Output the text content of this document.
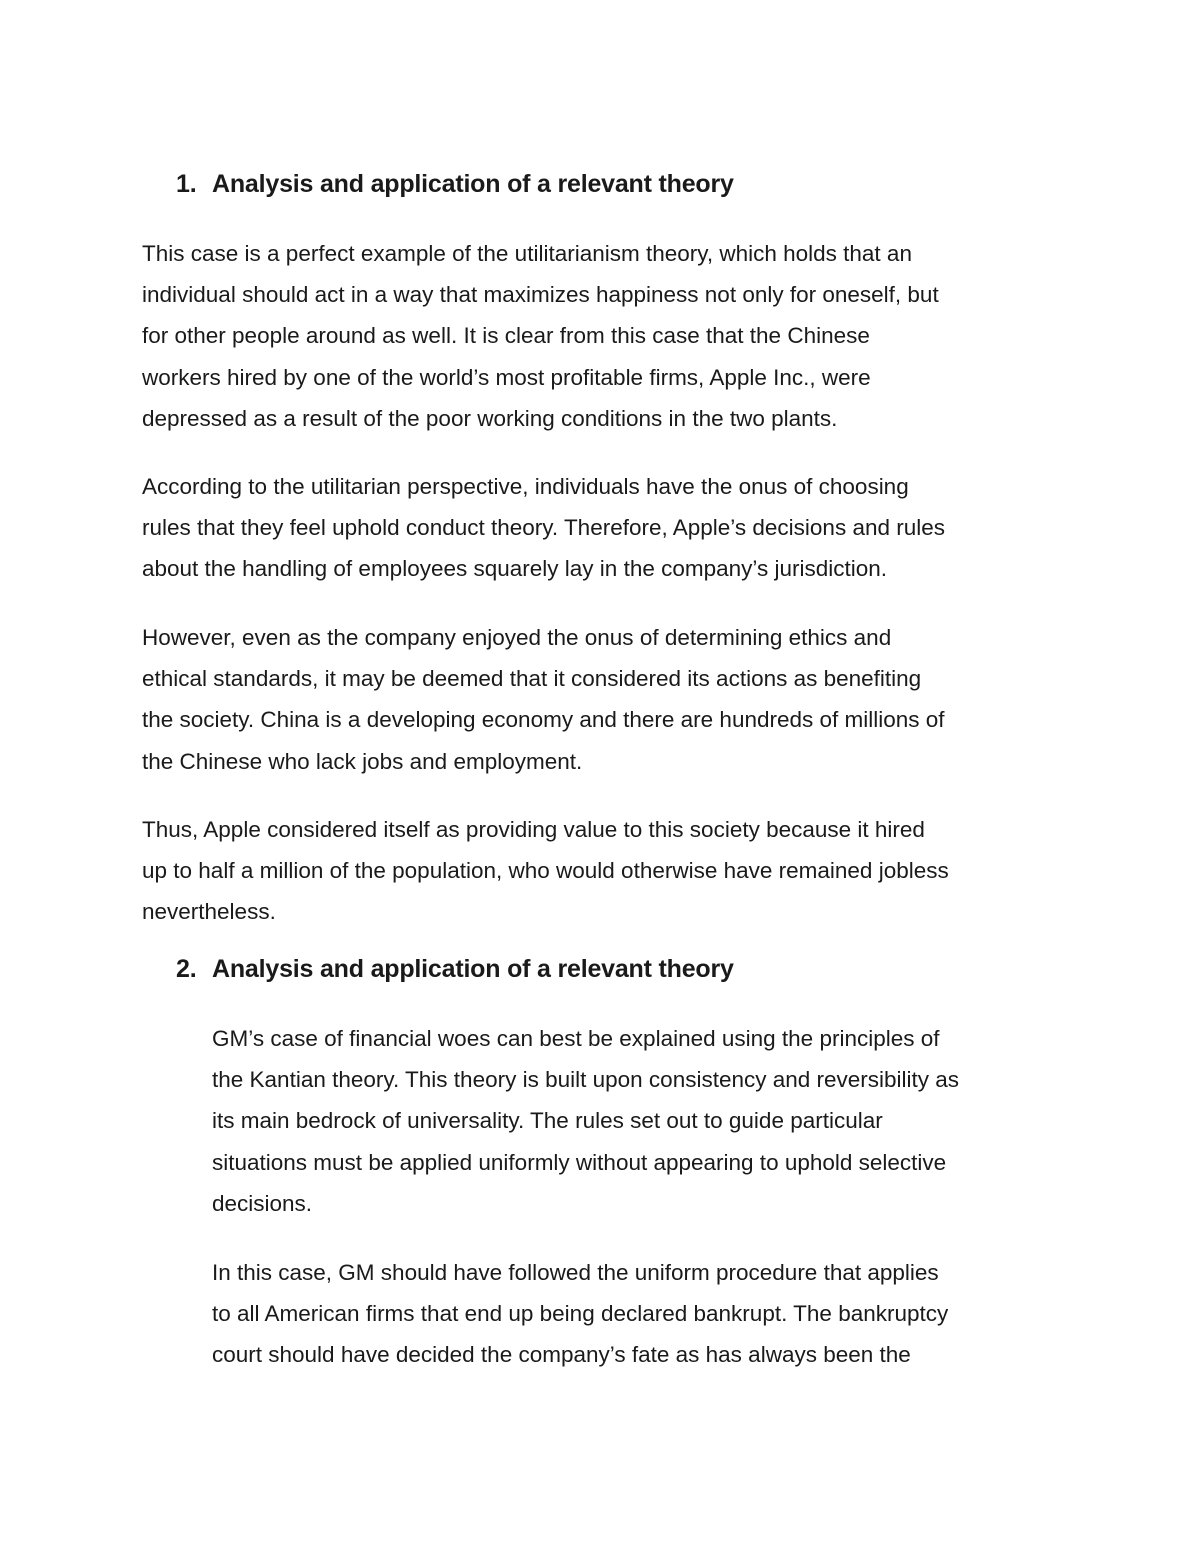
1. Analysis and application of a relevant theory
This case is a perfect example of the utilitarianism theory, which holds that an
individual should act in a way that maximizes happiness not only for oneself, but
for other people around as well. It is clear from this case that the Chinese
workers hired by one of the world’s most profitable firms, Apple Inc., were
depressed as a result of the poor working conditions in the two plants.
According to the utilitarian perspective, individuals have the onus of choosing
rules that they feel uphold conduct theory. Therefore, Apple’s decisions and rules
about the handling of employees squarely lay in the company’s jurisdiction.
However, even as the company enjoyed the onus of determining ethics and
ethical standards, it may be deemed that it considered its actions as benefiting
the society. China is a developing economy and there are hundreds of millions of
the Chinese who lack jobs and employment.
Thus, Apple considered itself as providing value to this society because it hired
up to half a million of the population, who would otherwise have remained jobless
nevertheless.
2. Analysis and application of a relevant theory
GM’s case of financial woes can best be explained using the principles of
the Kantian theory. This theory is built upon consistency and reversibility as
its main bedrock of universality. The rules set out to guide particular
situations must be applied uniformly without appearing to uphold selective
decisions.
In this case, GM should have followed the uniform procedure that applies
to all American firms that end up being declared bankrupt. The bankruptcy
court should have decided the company’s fate as has always been the
